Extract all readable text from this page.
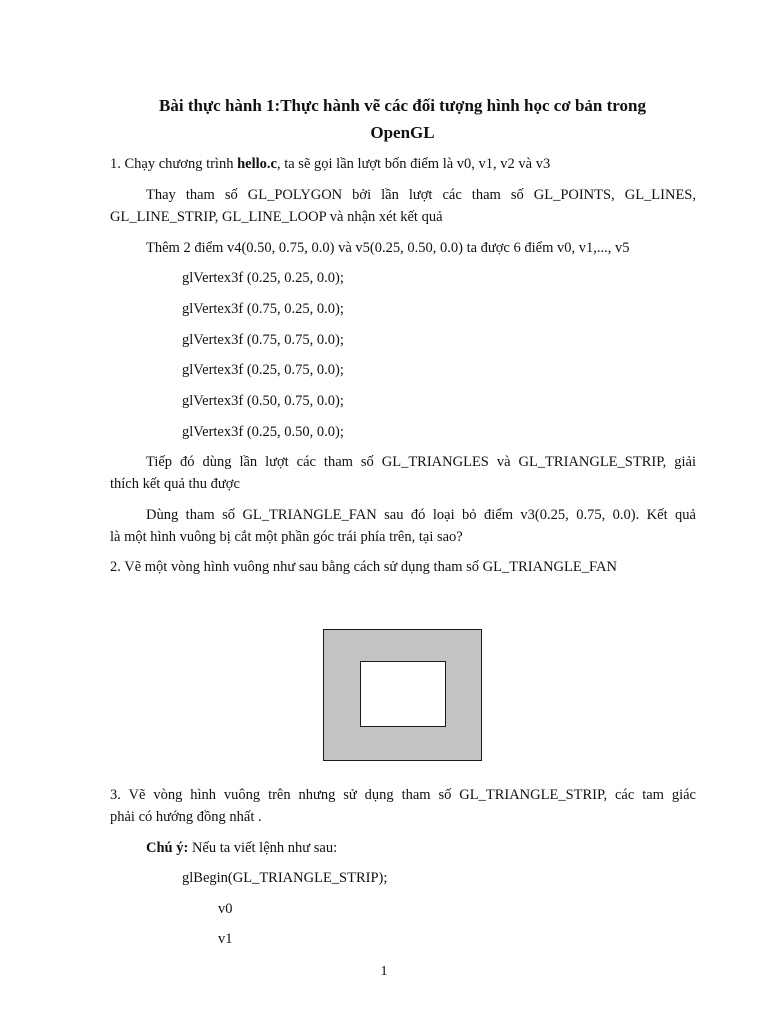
Bài thực hành 1:Thực hành vẽ các đối tượng hình học cơ bản trong
OpenGL
1. Chạy chương trình hello.c, ta sẽ gọi lần lượt bốn điểm là v0, v1, v2 và v3
Thay tham số GL_POLYGON bởi lần lượt các tham số GL_POINTS, GL_LINES,
GL_LINE_STRIP, GL_LINE_LOOP và nhận xét kết quả
Thêm 2 điểm v4(0.50, 0.75, 0.0) và v5(0.25, 0.50, 0.0) ta được 6 điểm v0, v1,..., v5
glVertex3f (0.25, 0.25, 0.0);
glVertex3f (0.75, 0.25, 0.0);
glVertex3f (0.75, 0.75, 0.0);
glVertex3f (0.25, 0.75, 0.0);
glVertex3f (0.50, 0.75, 0.0);
glVertex3f (0.25, 0.50, 0.0);
Tiếp đó dùng lần lượt các tham số GL_TRIANGLES và GL_TRIANGLE_STRIP, giải
thích kết quả thu được
Dùng tham số GL_TRIANGLE_FAN sau đó loại bỏ điểm v3(0.25, 0.75, 0.0). Kết quả
là một hình vuông bị cắt một phần góc trái phía trên, tại sao?
2. Vẽ một vòng hình vuông như sau bằng cách sử dụng tham số GL_TRIANGLE_FAN
3. Vẽ vòng hình vuông trên nhưng sử dụng tham số GL_TRIANGLE_STRIP, các tam giác
phải có hướng đồng nhất .
Chú ý: Nếu ta viết lệnh như sau:
glBegin(GL_TRIANGLE_STRIP);
v0
v1
1
